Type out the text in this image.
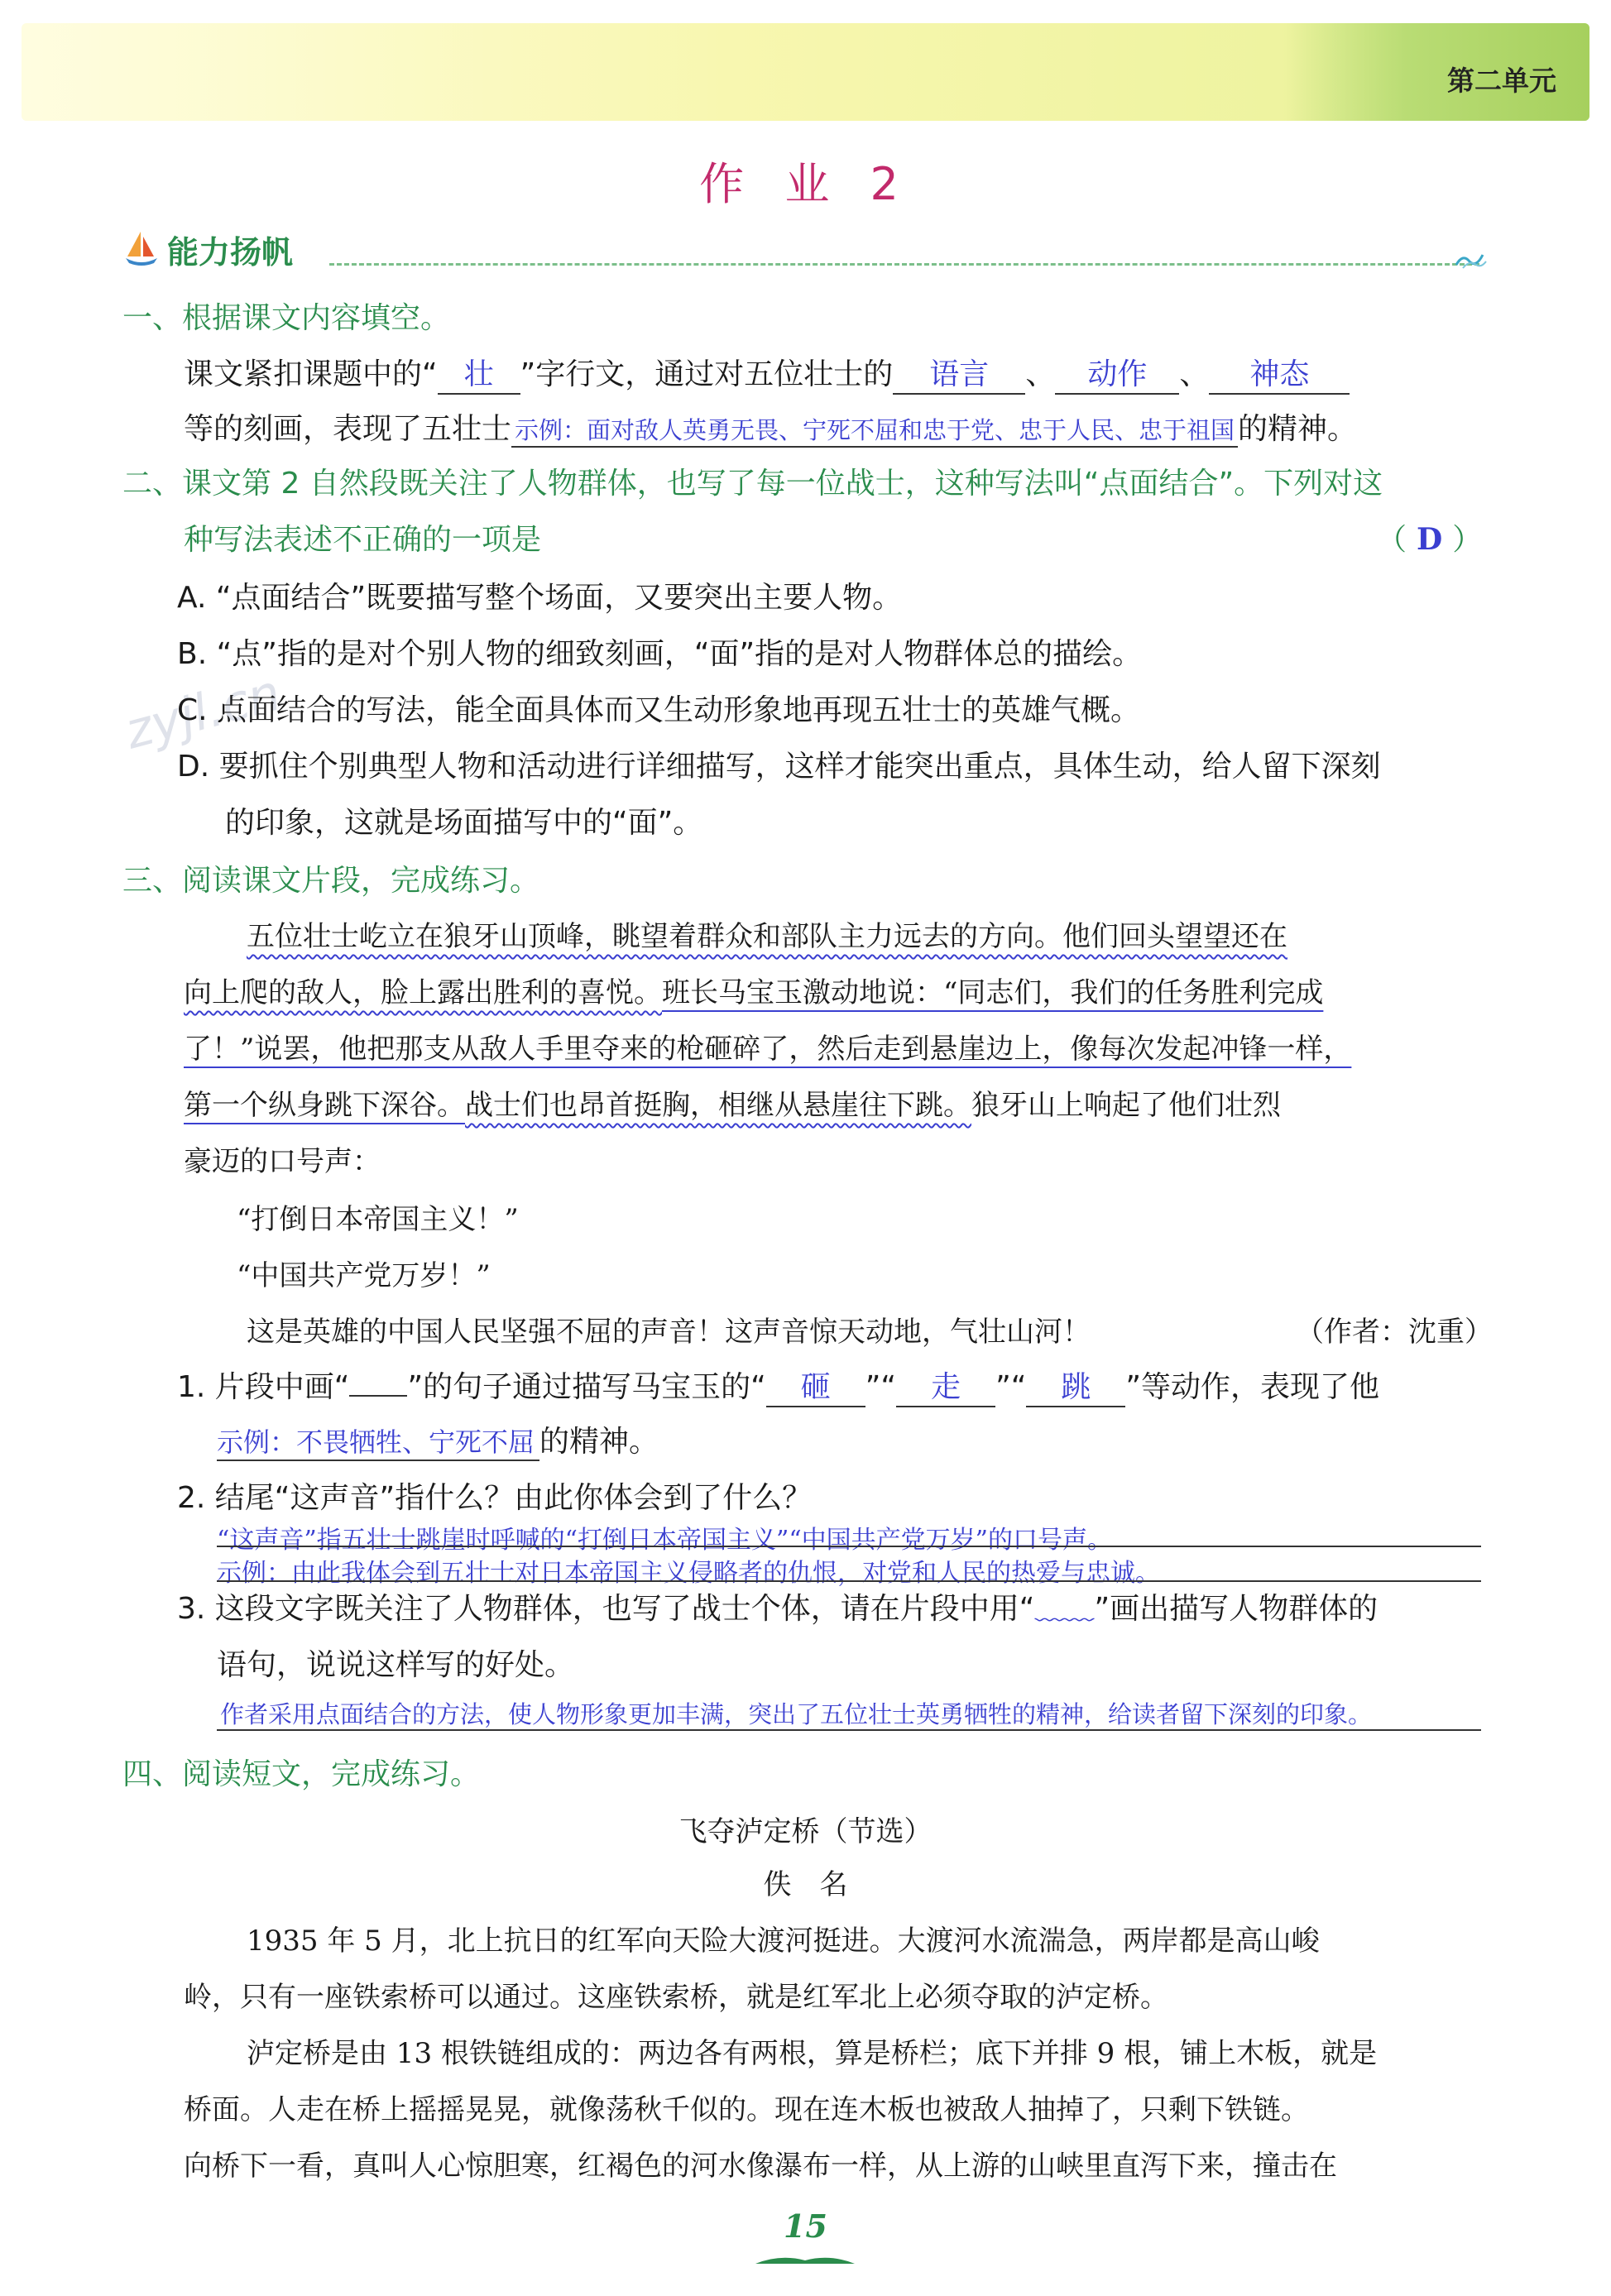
第二单元
作 业 2
能力扬帆
zyjl.cn
一、根据课文内容填空。
课文紧扣课题中的“ 壮 ”字行文，通过对五位壮士的 语言 、 动作 、 神态
等的刻画，表现了五壮士 示例：面对敌人英勇无畏、宁死不屈和忠于党、忠于人民、忠于祖国 的精神。
二、课文第 2 自然段既关注了人物群体，也写了每一位战士，这种写法叫“点面结合”。下列对这
种写法表述不正确的一项是	（ D ）
A. “点面结合”既要描写整个场面，又要突出主要人物。
B. “点”指的是对个别人物的细致刻画，“面”指的是对人物群体总的描绘。
C. 点面结合的写法，能全面具体而又生动形象地再现五壮士的英雄气概。
D. 要抓住个别典型人物和活动进行详细描写，这样才能突出重点，具体生动，给人留下深刻
的印象，这就是场面描写中的“面”。
三、阅读课文片段，完成练习。
五位壮士屹立在狼牙山顶峰，眺望着群众和部队主力远去的方向。他们回头望望还在
向上爬的敌人，脸上露出胜利的喜悦。班长马宝玉激动地说：“同志们，我们的任务胜利完成
了！”说罢，他把那支从敌人手里夺来的枪砸碎了，然后走到悬崖边上，像每次发起冲锋一样，
第一个纵身跳下深谷。战士们也昂首挺胸，相继从悬崖往下跳。狼牙山上响起了他们壮烈
豪迈的口号声：
“打倒日本帝国主义！”
“中国共产党万岁！”
这是英雄的中国人民坚强不屈的声音！这声音惊天动地，气壮山河！	（作者：沈重）
1. 片段中画“ ”的句子通过描写马宝玉的“ 砸 ”“ 走 ”“ 跳 ”等动作，表现了他
示例：不畏牺牲、宁死不屈 的精神。
2. 结尾“这声音”指什么？由此你体会到了什么？
“这声音”指五壮士跳崖时呼喊的“打倒日本帝国主义”“中国共产党万岁”的口号声。
示例：由此我体会到五壮士对日本帝国主义侵略者的仇恨，对党和人民的热爱与忠诚。
3. 这段文字既关注了人物群体，也写了战士个体，请在片段中用“﹏﹏”画出描写人物群体的
语句，说说这样写的好处。
作者采用点面结合的方法，使人物形象更加丰满，突出了五位壮士英勇牺牲的精神，给读者留下深刻的印象。
四、阅读短文，完成练习。
飞夺泸定桥（节选）
佚　名
1935 年 5 月，北上抗日的红军向天险大渡河挺进。大渡河水流湍急，两岸都是高山峻
岭，只有一座铁索桥可以通过。这座铁索桥，就是红军北上必须夺取的泸定桥。
泸定桥是由 13 根铁链组成的：两边各有两根，算是桥栏；底下并排 9 根，铺上木板，就是
桥面。人走在桥上摇摇晃晃，就像荡秋千似的。现在连木板也被敌人抽掉了，只剩下铁链。
向桥下一看，真叫人心惊胆寒，红褐色的河水像瀑布一样，从上游的山峡里直泻下来，撞击在
15
